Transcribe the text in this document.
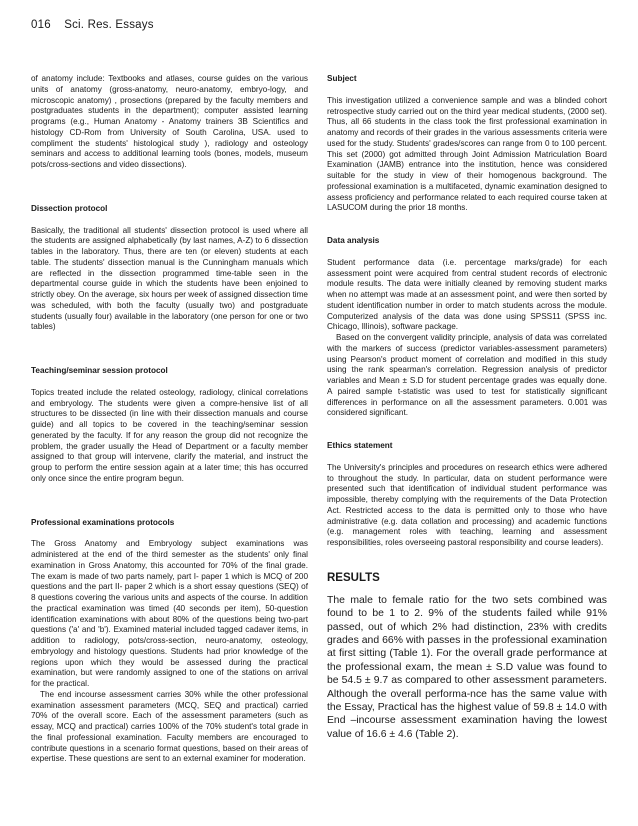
016 Sci. Res. Essays

of anatomy include: Textbooks and atlases, course guides on the various units of anatomy (gross-anatomy, neuro-anatomy, embryo-logy, and microscopic anatomy) , prosections (prepared by the faculty members and postgraduates students in the department); computer assisted learning programs (e.g., Human Anatomy - Anatomy trainers 3B Scientifics and histology CD-Rom from University of South Carolina, USA. used to compliment the students' histological study ), radiology and osteology seminars and access to additional learning tools (bones, models, museum pots/cross-sections and video dissections).

Dissection protocol

Basically, the traditional all students' dissection protocol is used where all the students are assigned alphabetically (by last names, A-Z) to 6 dissection tables in the laboratory. Thus, there are ten (or eleven) students at each table. The students' dissection manual is the Cunningham manuals which are reflected in the dissection programmed time-table seen in the departmental course guide in which the students have been enjoined to strictly obey. On the average, six hours per week of assigned dissection time was scheduled, with both the faculty (usually two) and postgraduate students (usually four) available in the laboratory (one person for one or two tables)

Teaching/seminar session protocol

Topics treated include the related osteology, radiology, clinical correlations and embryology. The students were given a compre-hensive list of all structures to be dissected (in line with their dissection manuals and course guide) and all topics to be covered in the teaching/seminar session generated by the faculty. If for any reason the group did not recognize the problem, the grader usually the Head of Department or a faculty member assigned to that group will intervene, clarify the material, and instruct the group to perform the entire session again at a later time; this has occurred only once since the entire program begun.

Professional examinations protocols

The Gross Anatomy and Embryology subject examinations was administered at the end of the third semester as the students' only final examination in Gross Anatomy, this accounted for 70% of the final grade. The exam is made of two parts namely, part I- paper 1 which is MCQ of 200 questions and the part II- paper 2 which is a short essay questions (SEQ) of 8 questions covering the various units and aspects of the course. In addition the practical examination was timed (40 seconds per item), 50-question identification examinations with about 80% of the questions being two-part questions ('a' and 'b'). Examined material included tagged cadaver items, in addition to radiology, pots/cross-section, neuro-anatomy, osteology, embryology and histology questions. Students had prior knowledge of the regions upon which they would be assessed during the practical examination, but were randomly assigned to one of the stations on arrival for the practical.

The end incourse assessment carries 30% while the other professional examination assessment parameters (MCQ, SEQ and practical) carried 70% of the overall score. Each of the assessment parameters (such as essay, MCQ and practical) carries 100% of the 70% student's total grade in the final professional examination. Faculty members are encouraged to contribute questions in a scenario format questions, based on their areas of expertise. These questions are sent to an external examiner for moderation.

Subject

This investigation utilized a convenience sample and was a blinded cohort retrospective study carried out on the third year medical students, (2000 set). Thus, all 66 students in the class took the first professional examination in anatomy and records of their grades in the various assessments criteria were used for the study. Students' grades/scores can range from 0 to 100 percent. This set (2000) got admitted through Joint Admission Matriculation Board Examination (JAMB) entrance into the institution, hence was considered suitable for the study in view of their homogenous background. The professional examination is a multifaceted, dynamic examination designed to assess proficiency and performance related to each required course taken at LASUCOM during the prior 18 months.

Data analysis

Student performance data (i.e. percentage marks/grade) for each assessment point were acquired from central student records of electronic module results. The data were initially cleaned by removing student marks when no attempt was made at an assessment point, and were then sorted by student identification number in order to match students across the module. Computerized analysis of the data was done using SPSS11 (SPSS inc. Chicago, Illinois), software package.

Based on the convergent validity principle, analysis of data was correlated with the markers of success (predictor variables-assessment parameters) using Pearson's product moment of correlation and modified in this study using the rank spearman's correlation. Regression analysis of predictor variables and Mean ± S.D for student percentage grades was equally done. A paired sample t-statistic was used to test for statistically significant differences in performance on all the assessment parameters. 0.001 was considered significant.

Ethics statement

The University's principles and procedures on research ethics were adhered to throughout the study. In particular, data on student performance were presented such that identification of individual student performance was impossible, thereby complying with the requirements of the Data Protection Act. Restricted access to the data is permitted only to those who have administrative (e.g. data collation and processing) and academic functions (e.g. management roles with teaching, learning and assessment responsibilities, roles overseeing pastoral responsibility and course leaders).

RESULTS

The male to female ratio for the two sets combined was found to be 1 to 2. 9% of the students failed while 91% passed, out of which 2% had distinction, 23% with credits grades and 66% with passes in the professional examination at first sitting (Table 1). For the overall grade performance at the professional exam, the mean ± S.D value was found to be 54.5 ± 9.7 as compared to other assessment parameters. Although the overall performa-nce has the same value with the Essay, Practical has the highest value of 59.8 ± 14.0 with End –incourse assessment examination having the lowest value of 16.6 ± 4.6 (Table 2).
